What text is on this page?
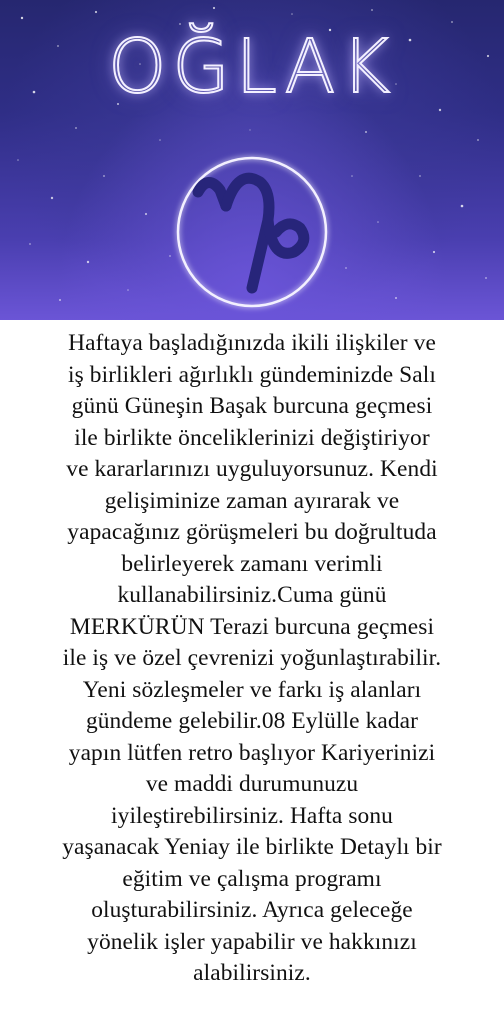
OĞLAK

Haftaya başladığınızda ikili ilişkiler ve
iş birlikleri ağırlıklı gündeminizde Salı
günü Güneşin Başak burcuna geçmesi
ile birlikte önceliklerinizi değiştiriyor
ve kararlarınızı uyguluyorsunuz. Kendi
gelişiminize zaman ayırarak ve
yapacağınız görüşmeleri bu doğrultuda
belirleyerek zamanı verimli
kullanabilirsiniz.Cuma günü
MERKÜRÜN Terazi burcuna geçmesi
ile iş ve özel çevrenizi yoğunlaştırabilir.
Yeni sözleşmeler ve farkı iş alanları
gündeme gelebilir.08 Eylülle kadar
yapın lütfen retro başlıyor Kariyerinizi
ve maddi durumunuzu
iyileştirebilirsiniz. Hafta sonu
yaşanacak Yeniay ile birlikte Detaylı bir
eğitim ve çalışma programı
oluşturabilirsiniz. Ayrıca geleceğe
yönelik işler yapabilir ve hakkınızı
alabilirsiniz.
